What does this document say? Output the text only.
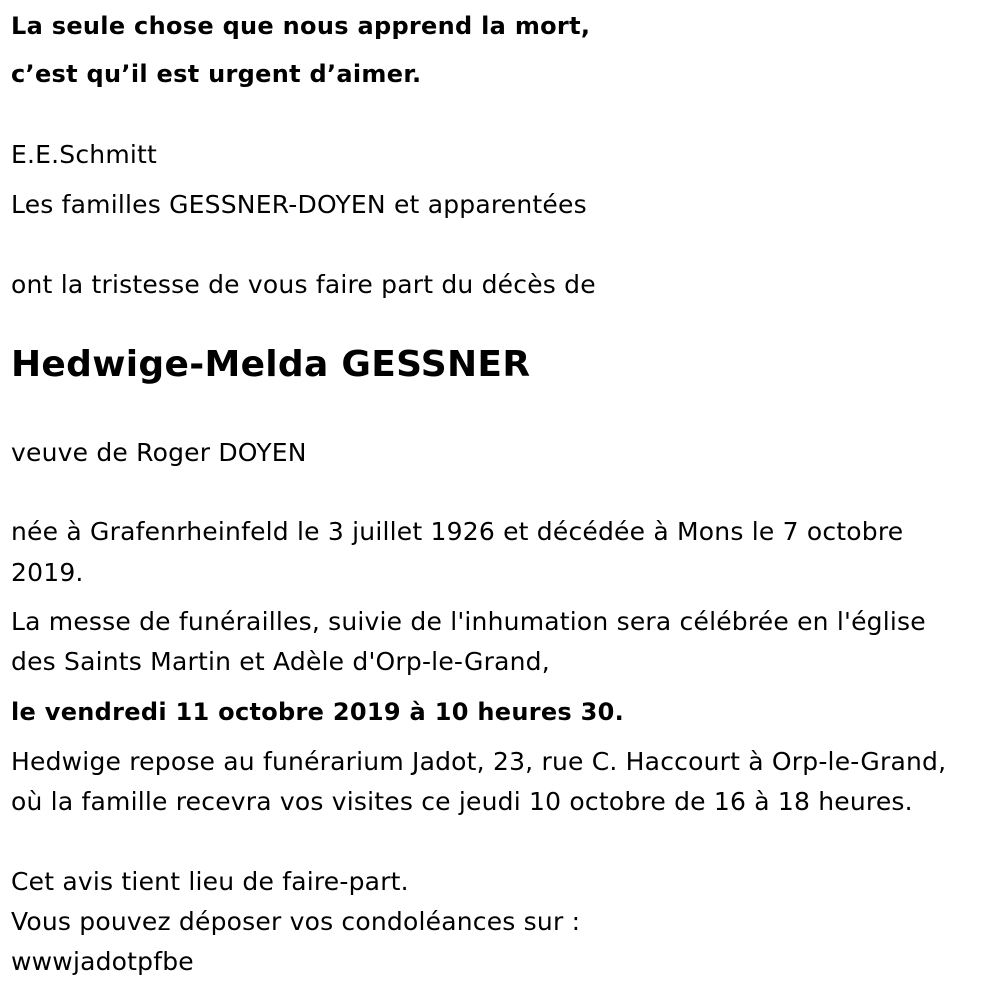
La seule chose que nous apprend la mort,

c’est qu’il est urgent d’aimer.

E.E.Schmitt

Les familles GESSNER-DOYEN et apparentées

ont la tristesse de vous faire part du décès de

Hedwige-Melda GESSNER

veuve de Roger DOYEN

née à Grafenrheinfeld le 3 juillet 1926 et décédée à Mons le 7 octobre

2019.

La messe de funérailles, suivie de l'inhumation sera célébrée en l'église

des Saints Martin et Adèle d'Orp-le-Grand,

le vendredi 11 octobre 2019 à 10 heures 30.

Hedwige repose au funérarium Jadot, 23, rue C. Haccourt à Orp-le-Grand,

où la famille recevra vos visites ce jeudi 10 octobre de 16 à 18 heures.

Cet avis tient lieu de faire-part.

Vous pouvez déposer vos condoléances sur :

wwwjadotpfbe
